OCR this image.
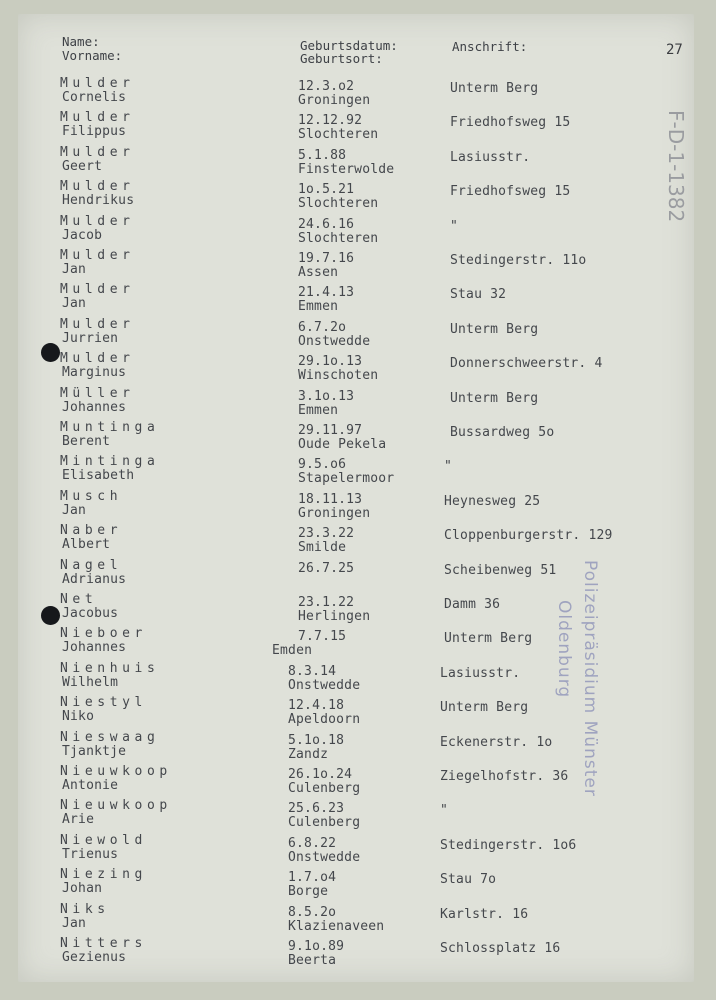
Name:
Vorname:
Geburtsdatum:
Geburtsort:
Anschrift:	27
Mulder
Cornelis
12.3.o2
Groningen
Unterm Berg
Mulder
Filippus
12.12.92
Slochteren
Friedhofsweg 15
Mulder
Geert
5.1.88
Finsterwolde
Lasiusstr.
Mulder
Hendrikus
1o.5.21
Slochteren
Friedhofsweg 15
Mulder
Jacob
24.6.16
Slochteren
"
Mulder
Jan
19.7.16
Assen
Stedingerstr. 11o
Mulder
Jan
21.4.13
Emmen
Stau 32
Mulder
Jurrien
6.7.2o
Onstwedde
Unterm Berg
Mulder
Marginus
29.1o.13
Winschoten
Donnerschweerstr. 4
Müller
Johannes
3.1o.13
Emmen
Unterm Berg
Muntinga
Berent
29.11.97
Oude Pekela
Bussardweg 5o
Mintinga
Elisabeth
9.5.o6
Stapelermoor
"
Musch
Jan
18.11.13
Groningen
Heynesweg 25
Naber
Albert
23.3.22
Smilde
Cloppenburgerstr. 129
Nagel
Adrianus
26.7.25	Scheibenweg 51
Net
Jacobus
23.1.22
Herlingen
Damm 36
Nieboer
Johannes
7.7.15
Emden
Unterm Berg
Nienhuis
Wilhelm
8.3.14
Onstwedde
Lasiusstr.
Niestyl
Niko
12.4.18
Apeldoorn
Unterm Berg
Nieswaag
Tjanktje
5.1o.18
Zandz
Eckenerstr. 1o
Nieuwkoop
Antonie
26.1o.24
Culenberg
Ziegelhofstr. 36
Nieuwkoop
Arie
25.6.23
Culenberg
"
Niewold
Trienus
6.8.22
Onstwedde
Stedingerstr. 1o6
Niezing
Johan
1.7.o4
Borge
Stau 7o
Niks
Jan
8.5.2o
Klazienaveen
Karlstr. 16
Nitters
Gezienus
9.1o.89
Beerta
Schlossplatz 16
Polizeipräsidium Münster
Oldenburg
F-D-1-1382
